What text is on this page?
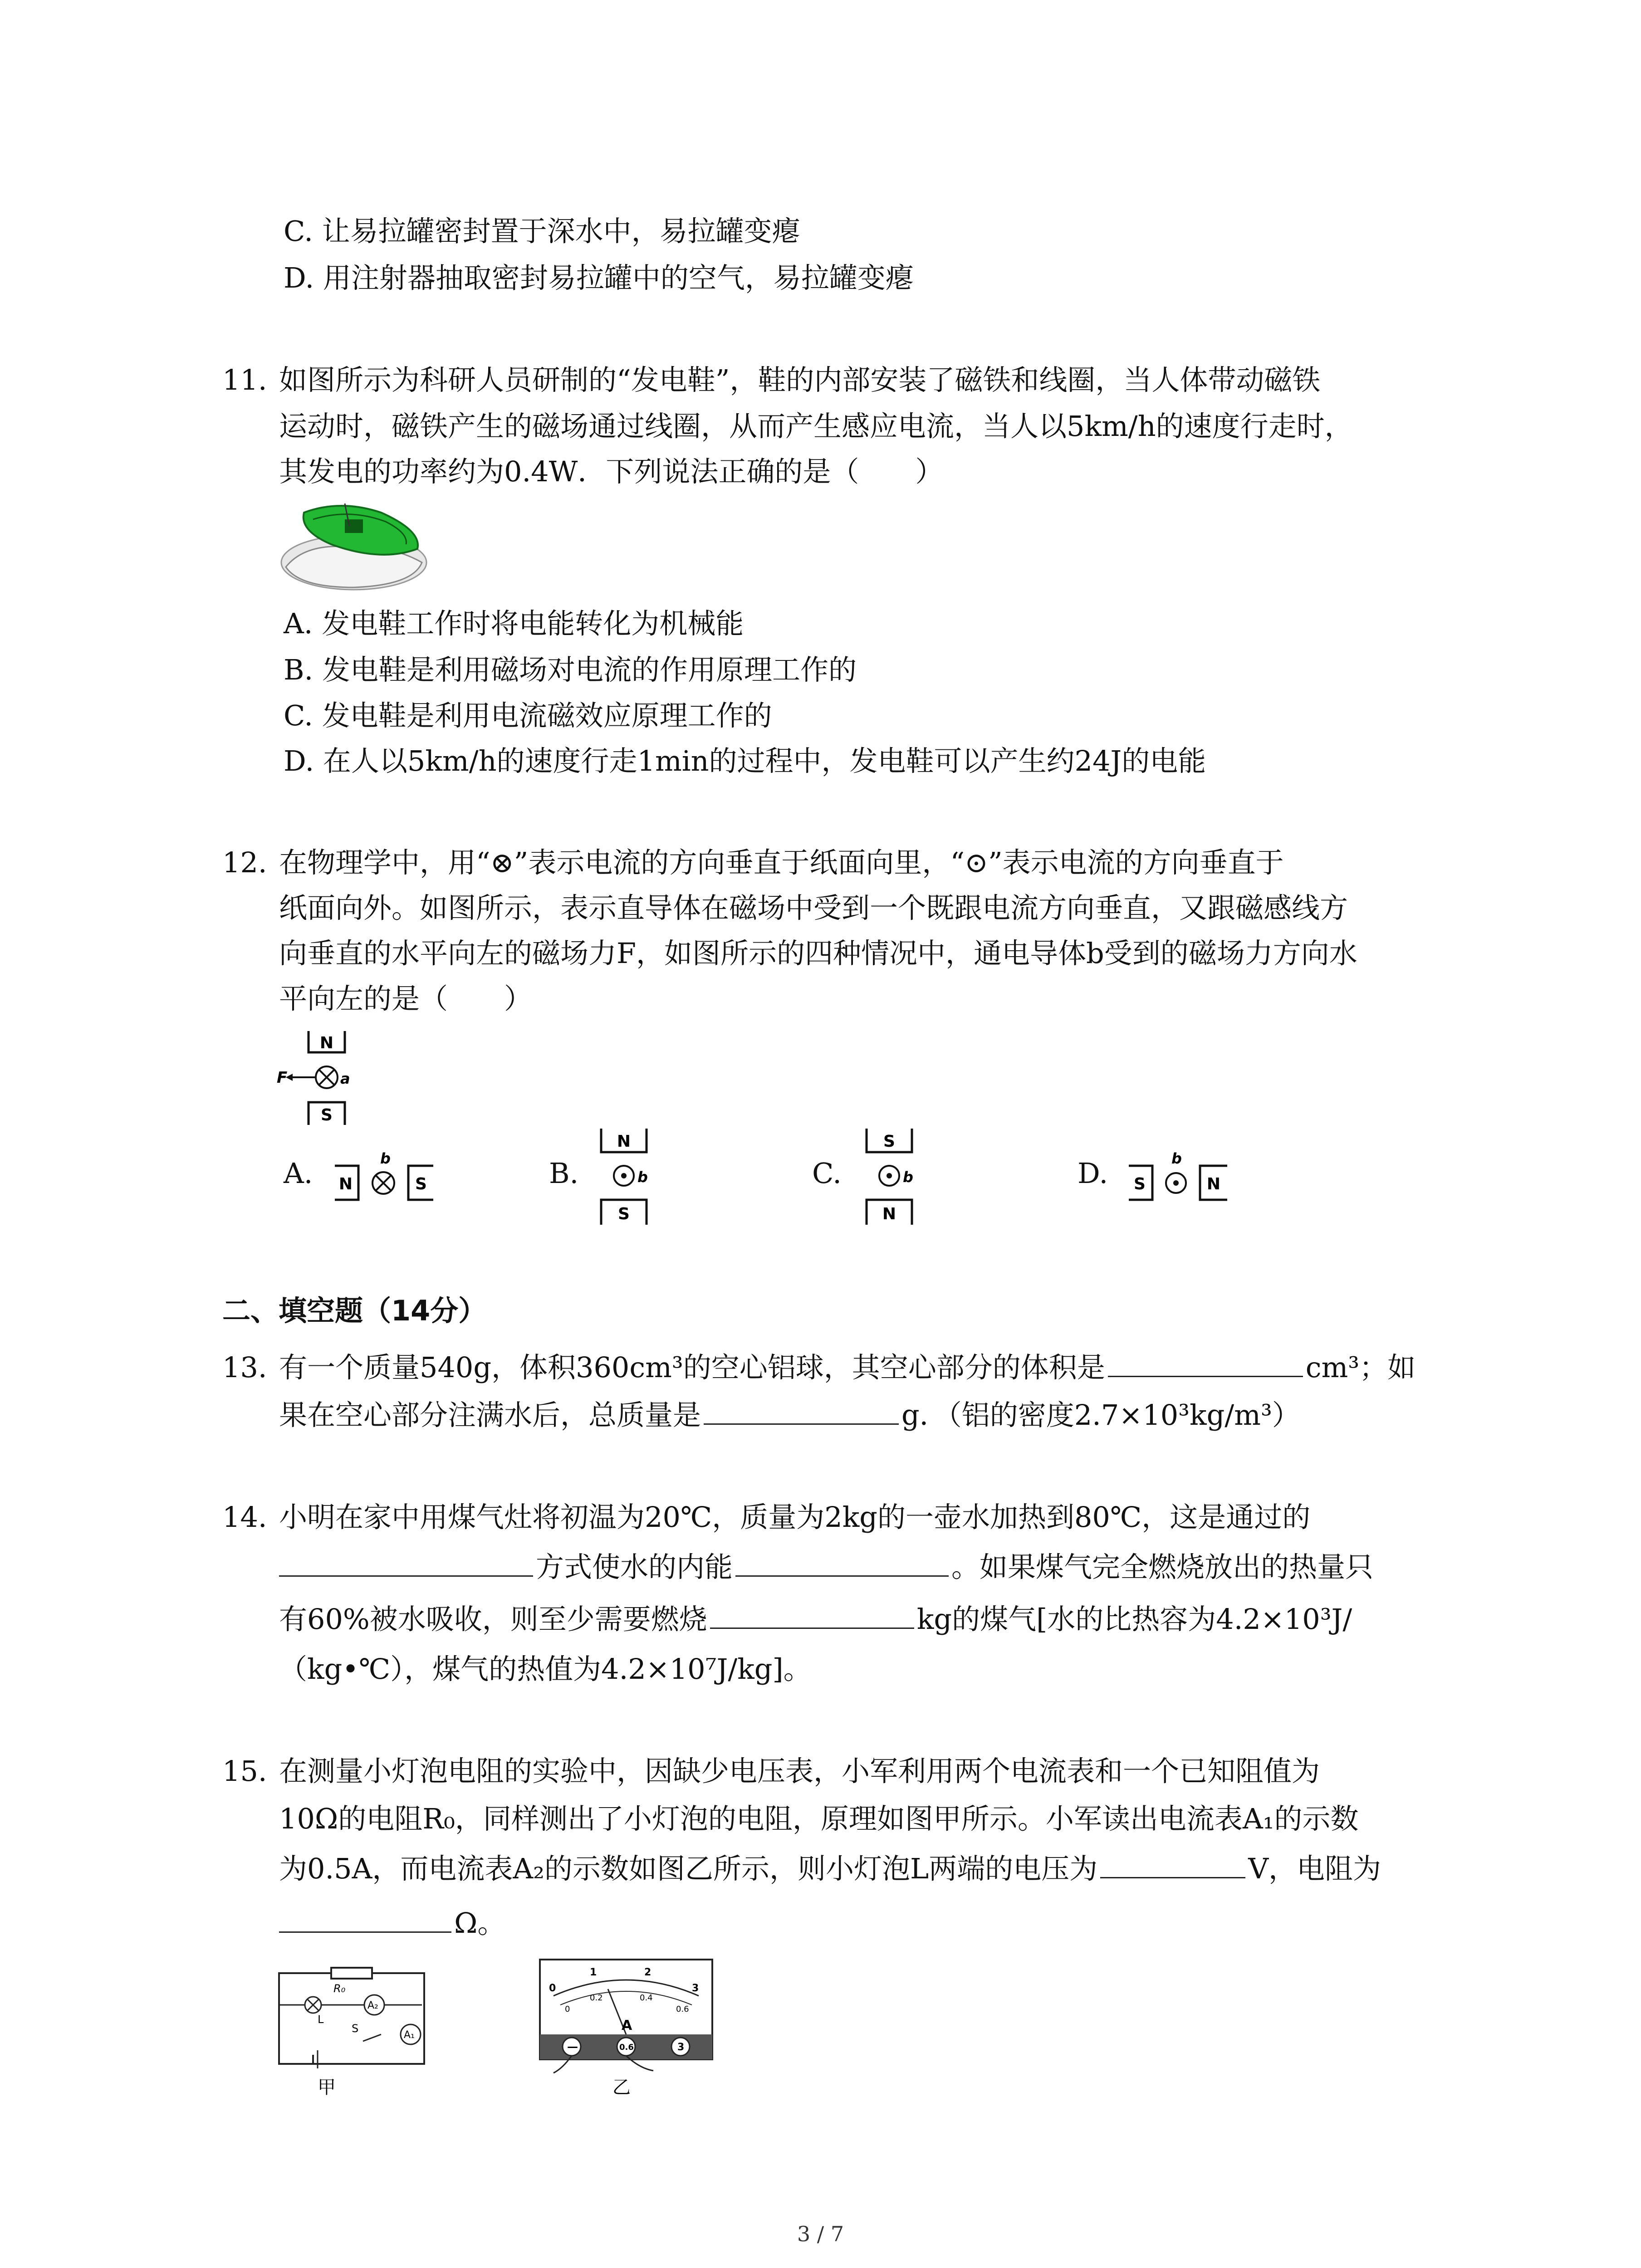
C. 让易拉罐密封置于深水中，易拉罐变瘪
D. 用注射器抽取密封易拉罐中的空气，易拉罐变瘪
11. 如图所示为科研人员研制的“发电鞋”，鞋的内部安装了磁铁和线圈，当人体带动磁铁
运动时，磁铁产生的磁场通过线圈，从而产生感应电流，当人以5km/h的速度行走时，
其发电的功率约为0.4W．下列说法正确的是（　　）
A. 发电鞋工作时将电能转化为机械能
B. 发电鞋是利用磁场对电流的作用原理工作的
C. 发电鞋是利用电流磁效应原理工作的
D. 在人以5km/h的速度行走1min的过程中，发电鞋可以产生约24J的电能
12. 在物理学中，用“⊗”表示电流的方向垂直于纸面向里，“⊙”表示电流的方向垂直于
纸面向外。如图所示，表示直导体在磁场中受到一个既跟电流方向垂直，又跟磁感线方
向垂直的水平向左的磁场力F，如图所示的四种情况中，通电导体b受到的磁场力方向水
平向左的是（　　）
N
F	a
S
A. N
b
S	B.
N
b
S
C.
S
b
N
D. S
b
N
二、填空题（14分）
13. 有一个质量540g，体积360cm³的空心铝球，其空心部分的体积是	cm³；如
果在空心部分注满水后，总质量是	g．（铝的密度2.7×10³kg/m³）
14. 小明在家中用煤气灶将初温为20℃，质量为2kg的一壶水加热到80℃，这是通过的
方式使水的内能	。如果煤气完全燃烧放出的热量只
有60%被水吸收，则至少需要燃烧	kg的煤气[水的比热容为4.2×10³J/
（kg•℃），煤气的热值为4.2×10⁷J/kg]。
15. 在测量小灯泡电阻的实验中，因缺少电压表，小军利用两个电流表和一个已知阻值为
10Ω的电阻R₀，同样测出了小灯泡的电阻，原理如图甲所示。小军读出电流表A₁的示数
为0.5A，而电流表A₂的示数如图乙所示，则小灯泡L两端的电压为	V，电阻为
Ω。
R₀
L
A₂
A₁
S
甲
0
1	2
3
0
0.2	0.4
0.6
A
—	0.6	3
乙
3 / 7
